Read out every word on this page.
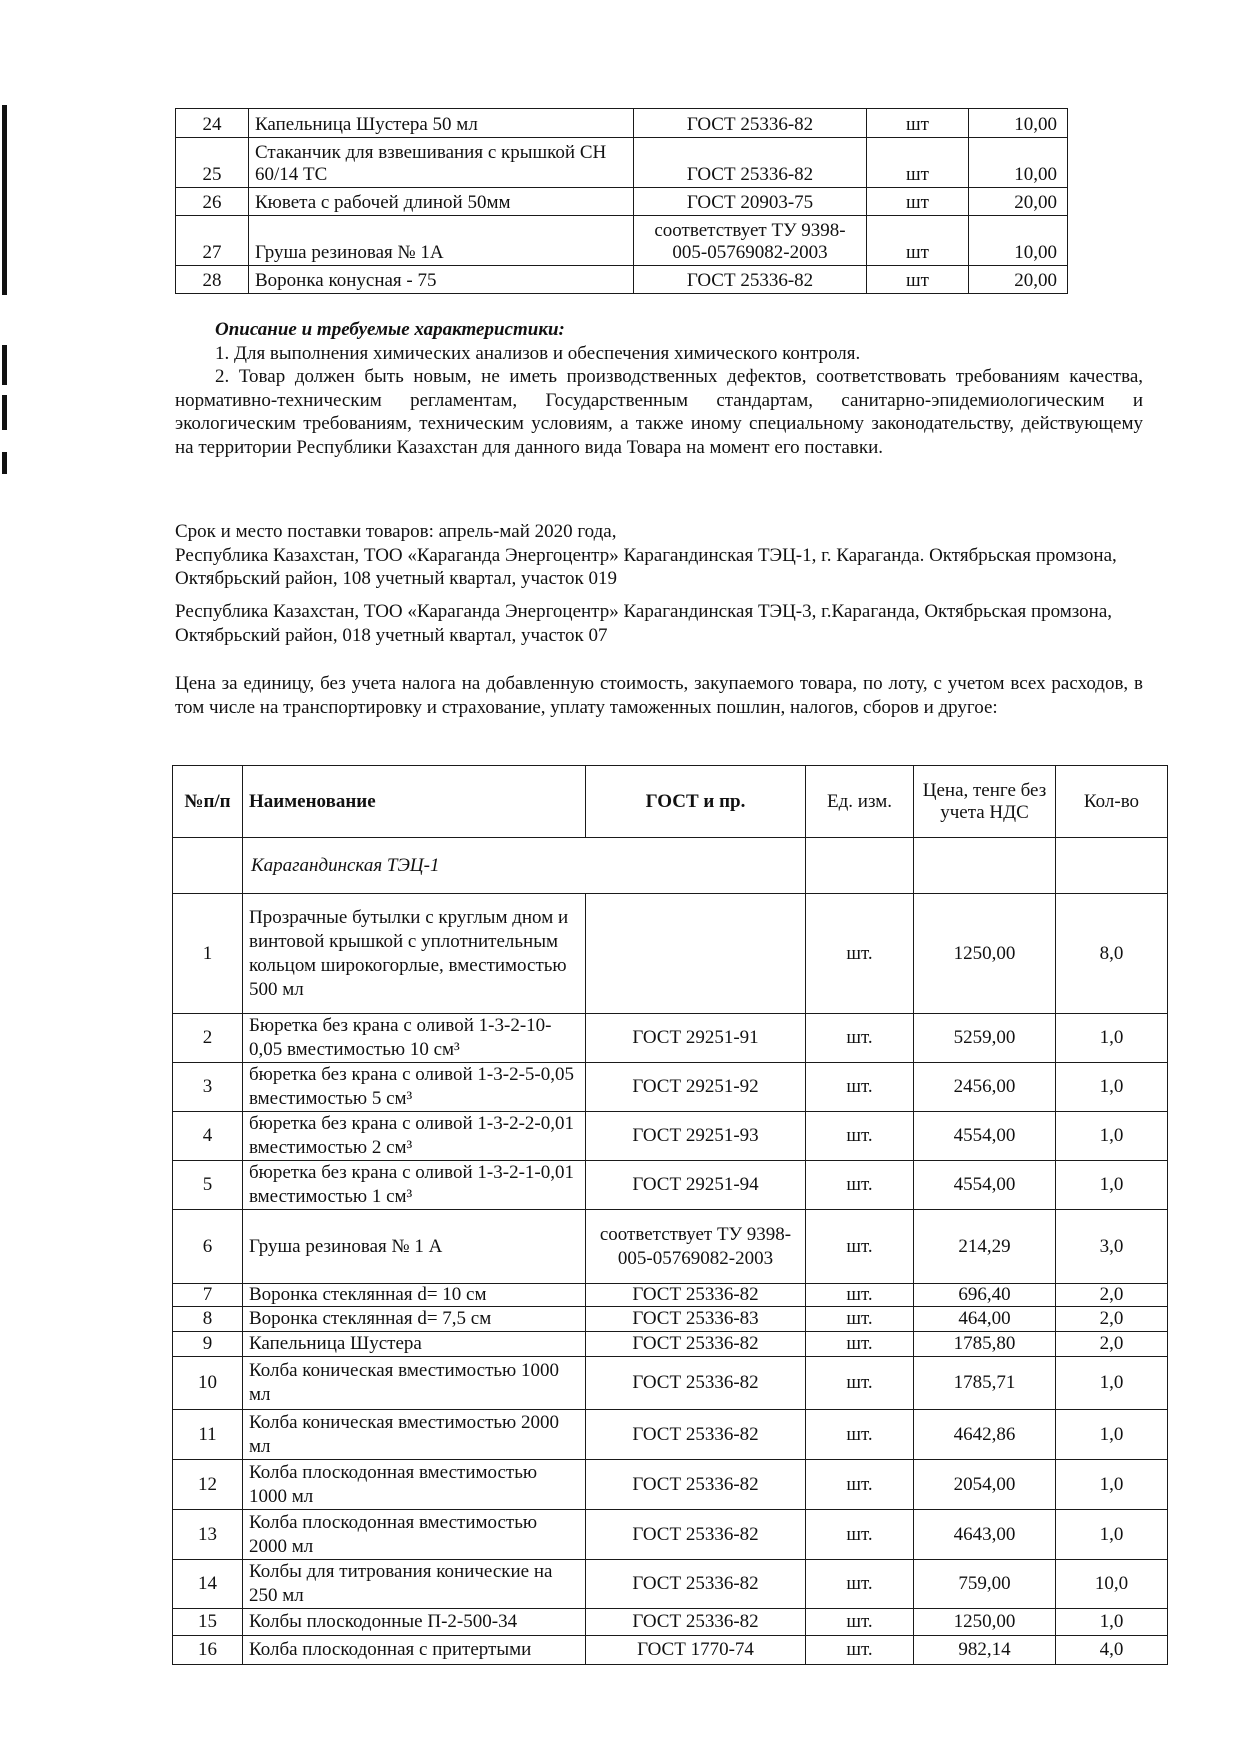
24	Капельница Шустера 50 мл	ГОСТ 25336-82	шт	10,00
25	Стаканчик для взвешивания с крышкой СН 60/14 ТС	ГОСТ 25336-82	шт	10,00
26	Кювета с рабочей длиной 50мм	ГОСТ 20903-75	шт	20,00
27	Груша резиновая № 1А	соответствует ТУ 9398-005-05769082-2003	шт	10,00
28	Воронка конусная - 75	ГОСТ 25336-82	шт	20,00

Описание и требуемые характеристики:

1. Для выполнения химических анализов и обеспечения химического контроля.

2. Товар должен быть новым, не иметь производственных дефектов, соответствовать требованиям качества, нормативно-техническим регламентам, Государственным стандартам, санитарно-эпидемиологическим и экологическим требованиям, техническим условиям, а также иному специальному законодательству, действующему на территории Республики Казахстан для данного вида Товара на момент его поставки.

Срок и место поставки товаров: апрель-май 2020 года,

Республика Казахстан, ТОО «Караганда Энергоцентр» Карагандинская ТЭЦ-1, г. Караганда. Октябрьская промзона, Октябрьский район, 108 учетный квартал, участок 019

Республика Казахстан, ТОО «Караганда Энергоцентр» Карагандинская ТЭЦ-3, г.Караганда, Октябрьская промзона, Октябрьский район, 018 учетный квартал, участок 07

Цена за единицу, без учета налога на добавленную стоимость, закупаемого товара, по лоту, с учетом всех расходов, в том числе на транспортировку и страхование, уплату таможенных пошлин, налогов, сборов и другое:
№п/п	Наименование	ГОСТ и пр.	Ед. изм.	Цена, тенге без учета НДС	Кол-во
	Карагандинская ТЭЦ-1				
1	Прозрачные бутылки с круглым дном и винтовой крышкой с уплотнительным кольцом широкогорлые, вместимостью 500 мл		шт.	1250,00	8,0
2	Бюретка без крана с оливой 1-3-2-10-0,05 вместимостью 10 см³	ГОСТ 29251-91	шт.	5259,00	1,0
3	бюретка без крана с оливой 1-3-2-5-0,05 вместимостью 5 см³	ГОСТ 29251-92	шт.	2456,00	1,0
4	бюретка без крана с оливой 1-3-2-2-0,01 вместимостью 2 см³	ГОСТ 29251-93	шт.	4554,00	1,0
5	бюретка без крана с оливой 1-3-2-1-0,01 вместимостью 1 см³	ГОСТ 29251-94	шт.	4554,00	1,0
6	Груша резиновая № 1 А	соответствует ТУ 9398-005-05769082-2003	шт.	214,29	3,0
7	Воронка стеклянная d= 10 см	ГОСТ 25336-82	шт.	696,40	2,0
8	Воронка стеклянная d= 7,5 см	ГОСТ 25336-83	шт.	464,00	2,0
9	Капельница Шустера	ГОСТ 25336-82	шт.	1785,80	2,0
10	Колба коническая вместимостью 1000 мл	ГОСТ 25336-82	шт.	1785,71	1,0
11	Колба коническая вместимостью 2000 мл	ГОСТ 25336-82	шт.	4642,86	1,0
12	Колба плоскодонная вместимостью 1000 мл	ГОСТ 25336-82	шт.	2054,00	1,0
13	Колба плоскодонная вместимостью 2000 мл	ГОСТ 25336-82	шт.	4643,00	1,0
14	Колбы для титрования конические на 250 мл	ГОСТ 25336-82	шт.	759,00	10,0
15	Колбы плоскодонные П-2-500-34	ГОСТ 25336-82	шт.	1250,00	1,0
16	Колба плоскодонная с притертыми	ГОСТ 1770-74	шт.	982,14	4,0
